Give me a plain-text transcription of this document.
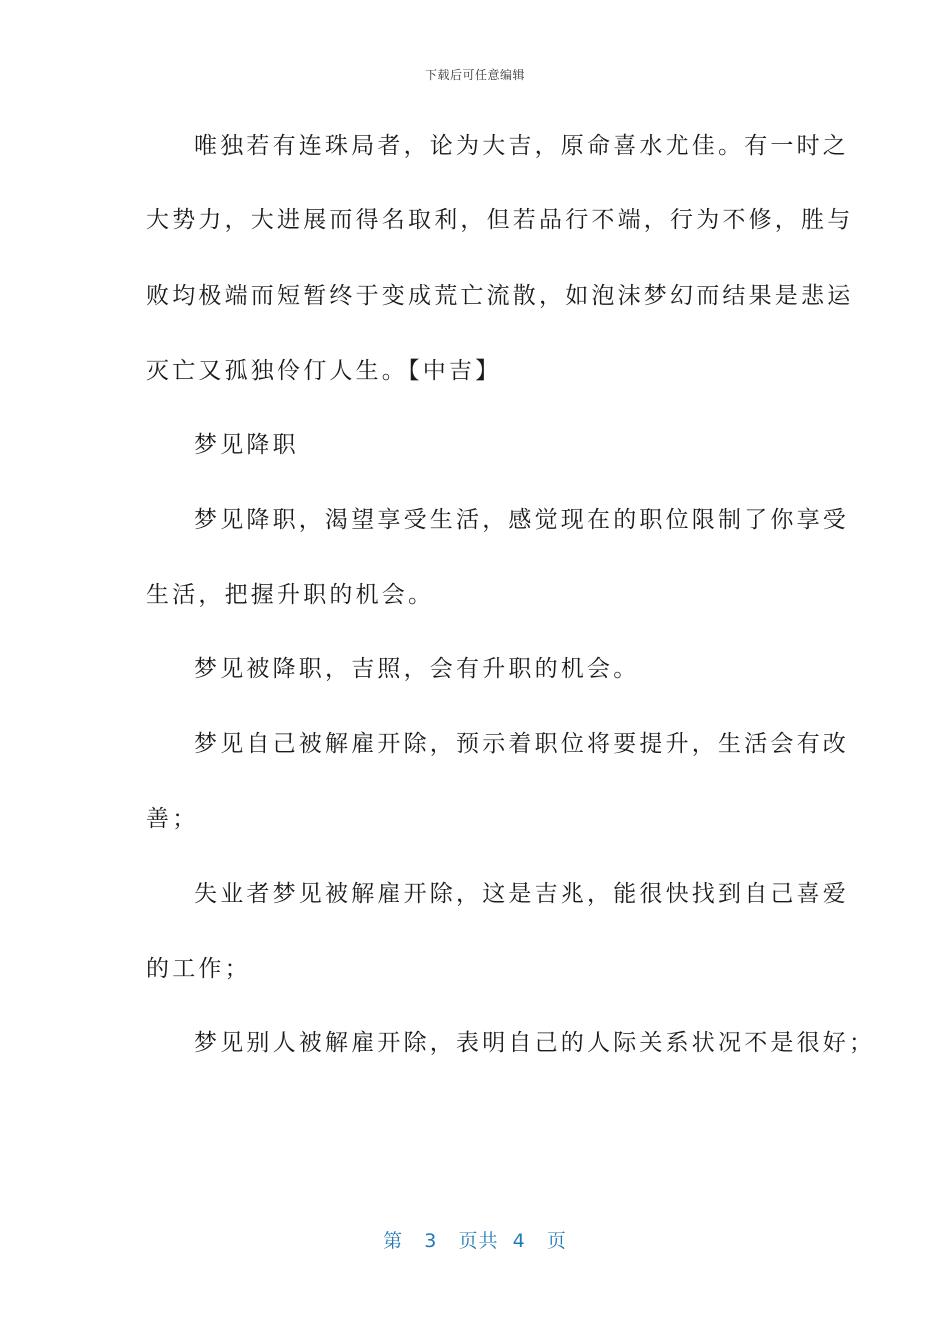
下载后可任意编辑
唯独若有连珠局者，论为大吉，原命喜水尤佳。有一时之
大势力，大进展而得名取利，但若品行不端，行为不修，胜与
败均极端而短暂终于变成荒亡流散，如泡沫梦幻而结果是悲运
灭亡又孤独伶仃人生。【中吉】
梦见降职
梦见降职，渴望享受生活，感觉现在的职位限制了你享受
生活，把握升职的机会。
梦见被降职，吉照，会有升职的机会。
梦见自己被解雇开除，预示着职位将要提升，生活会有改
善；
失业者梦见被解雇开除，这是吉兆，能很快找到自己喜爱
的工作；
梦见别人被解雇开除，表明自己的人际关系状况不是很好；
第 3 页共 4 页
